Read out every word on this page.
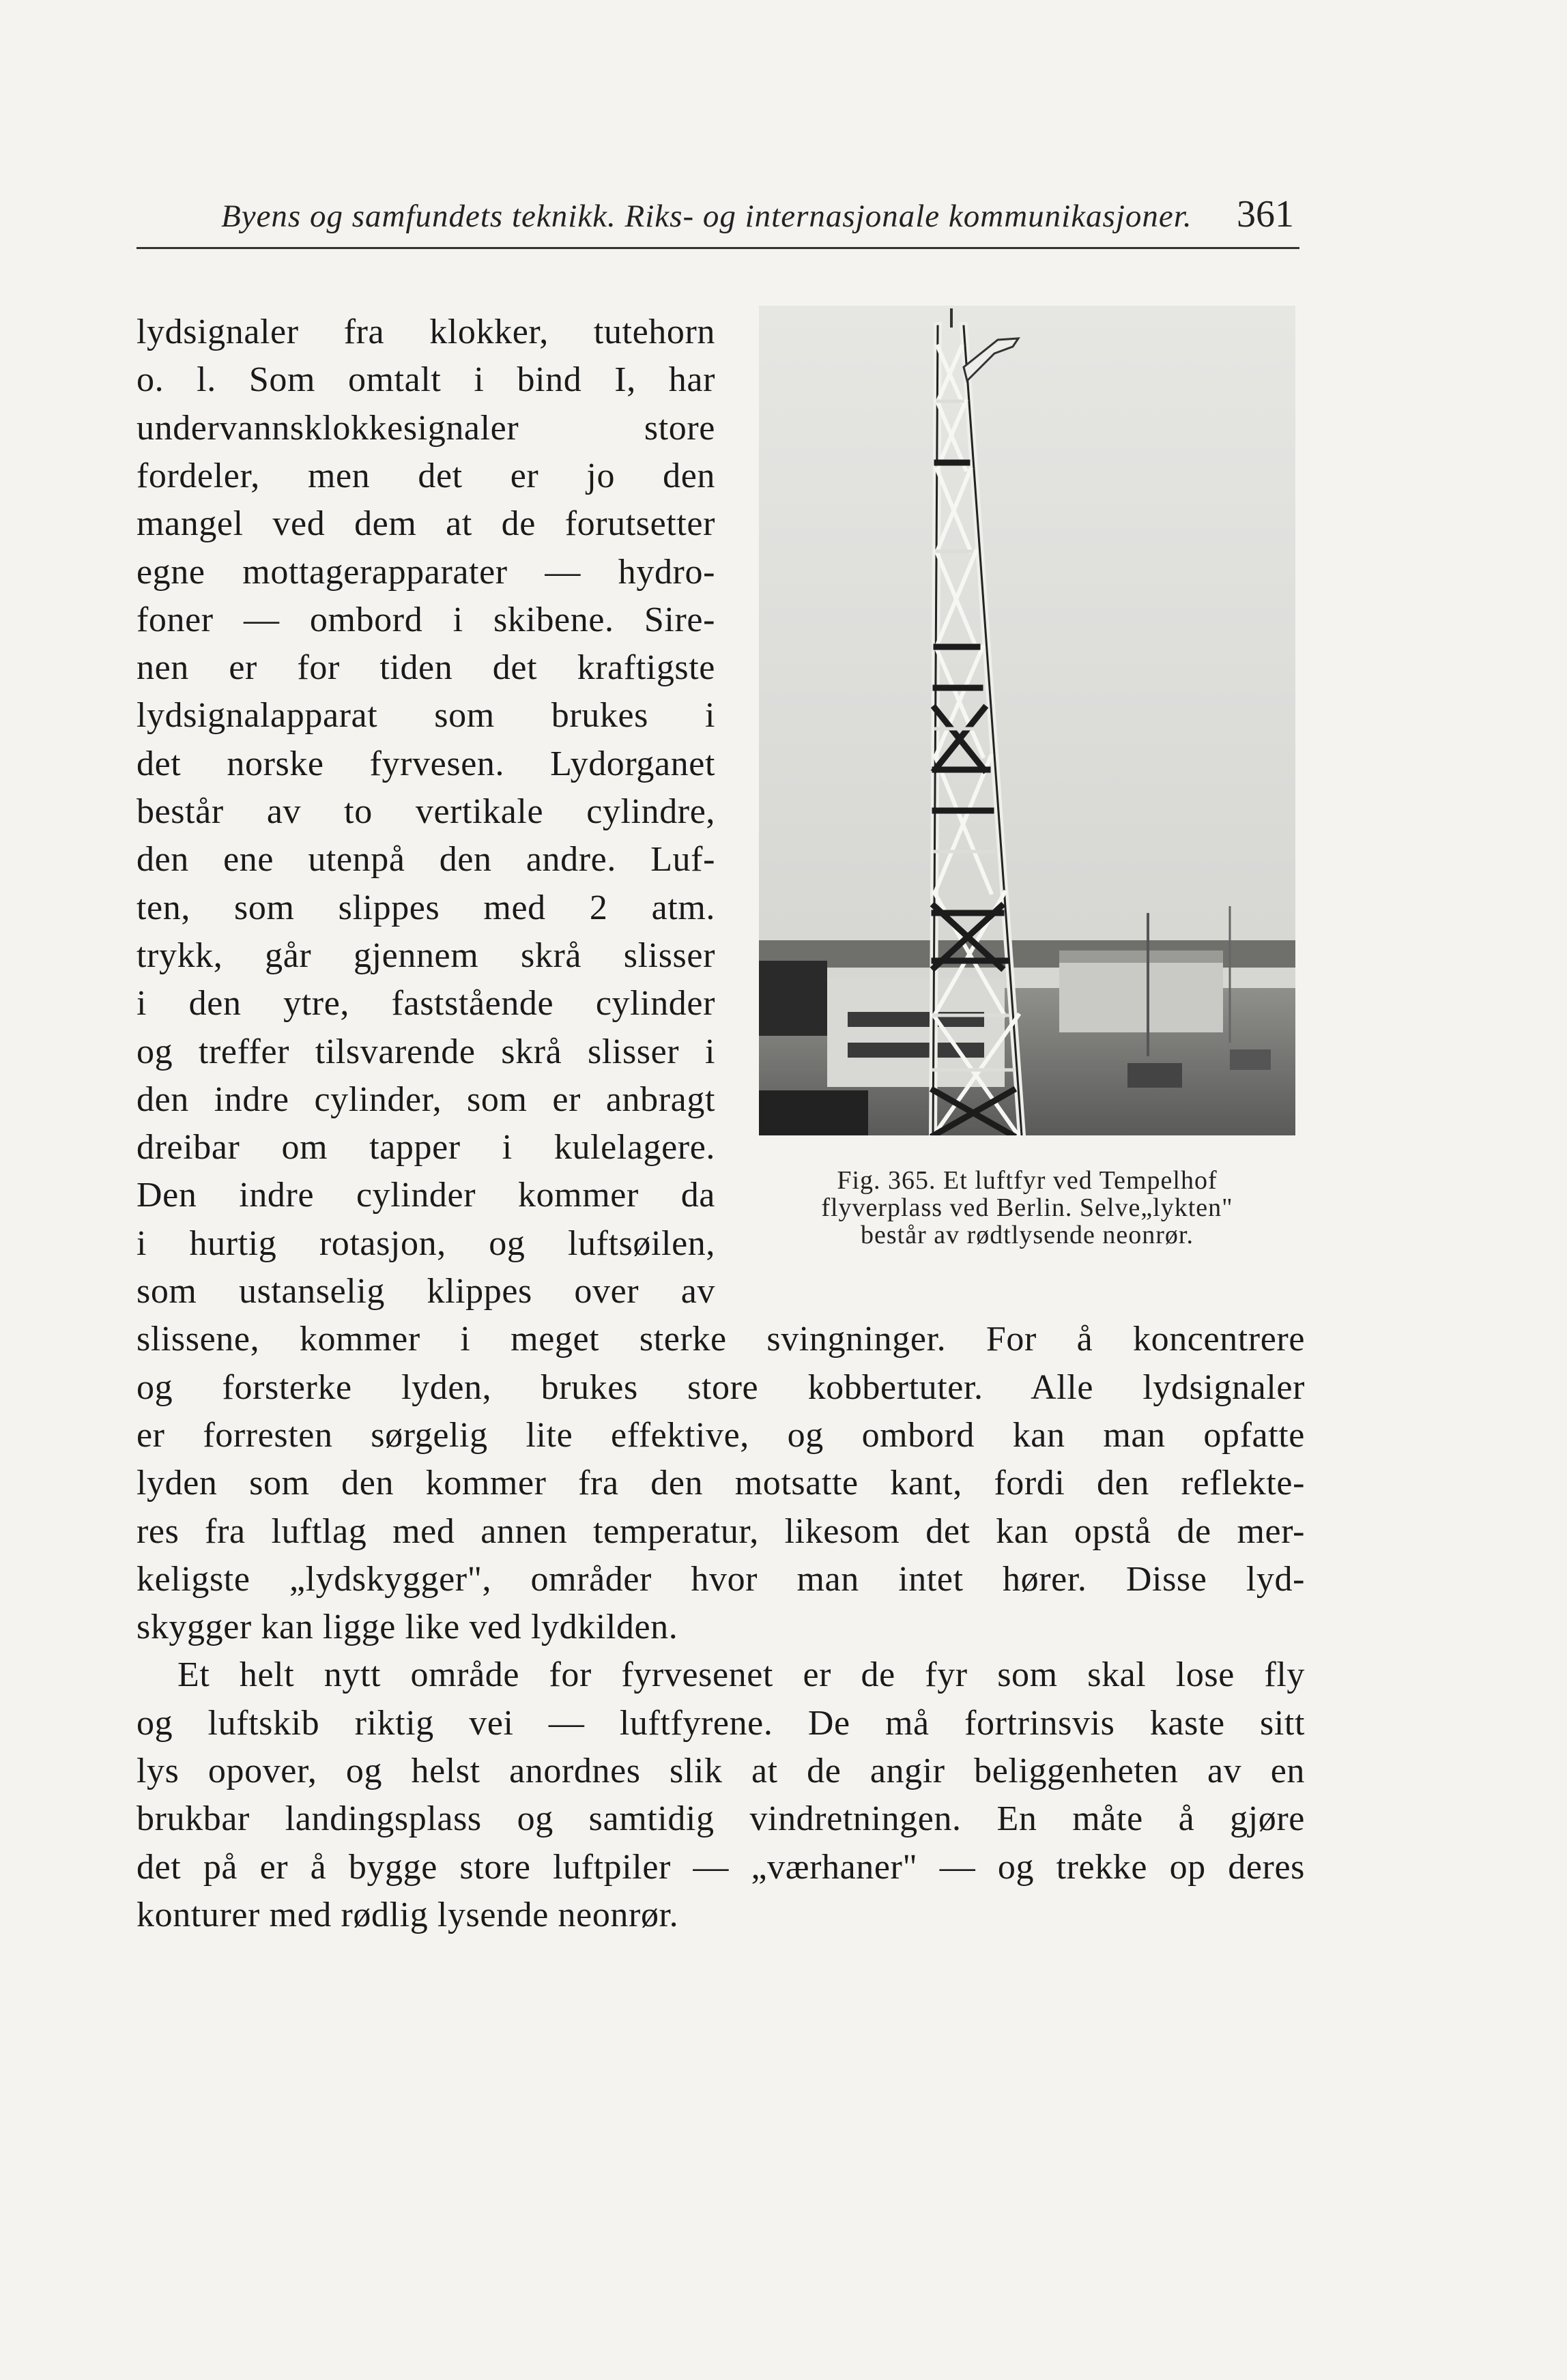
Byens og samfundets teknikk. Riks- og internasjonale kommunikasjoner. 361
lydsignaler fra klokker, tutehorn
o. l. Som omtalt i bind I, har
undervannsklokkesignaler store
fordeler, men det er jo den
mangel ved dem at de forutsetter
egne mottagerapparater — hydro-
foner — ombord i skibene. Sire-
nen er for tiden det kraftigste
lydsignalapparat som brukes i
det norske fyrvesen. Lydorganet
består av to vertikale cylindre,
den ene utenpå den andre. Luf-
ten, som slippes med 2 atm.
trykk, går gjennem skrå slisser
i den ytre, fastståendе cylinder
og treffer tilsvarende skrå slisser i
den indre cylinder, som er anbragt
dreibar om tapper i kulelagere.
Den indre cylinder kommer da
i hurtig rotasjon, og luftsøilen,
som ustanselig klippes over av
slissene, kommer i meget sterke svingninger. For å koncentrere
og forsterke lyden, brukes store kobbertuter. Alle lydsignaler
er forresten sørgelig lite effektive, og ombord kan man opfatte
lyden som den kommer fra den motsatte kant, fordi den reflekte-
res fra luftlag med annen temperatur, likesom det kan opstå de mer-
keligste „lydskygger", områder hvor man intet hører. Disse lyd-
skygger kan ligge like ved lydkilden.
Et helt nytt område for fyrvesenet er de fyr som skal lose fly
og luftskib riktig vei — luftfyrene. De må fortrinsvis kaste sitt
lys opover, og helst anordnes slik at de angir beliggenheten av en
brukbar landingsplass og samtidig vindretningen. En måte å gjøre
det på er å bygge store luftpiler — „værhaner" — og trekke op deres
konturer med rødlig lysende neonrør.
Fig. 365. Et luftfyr ved Tempelhof
flyverplass ved Berlin. Selve„lykten"
består av rødtlysende neonrør.
